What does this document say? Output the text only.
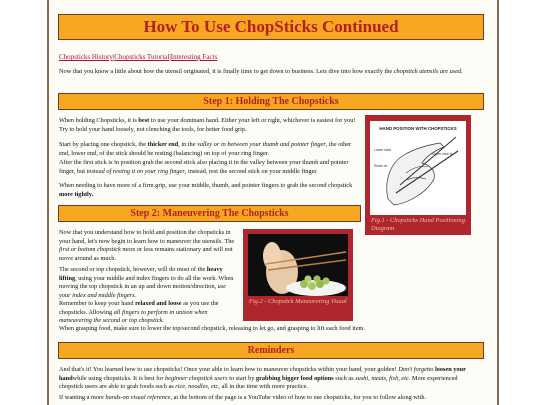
How To Use ChopSticks Continued
Chopsticks History|Chopsticks Tutorial|Interesting Facts
Now that you know a little about how the utensil originated, it is finally time to get down to business. Lets dive into how exactly the chopstick utensils are used.
Step 1: Holding The Chopsticks
When holding Chopsticks, it is best to use your dominant hand. Either your left or right, whichever is easiest for you! Try to hold your hand loosely, not clenching the tools, for better food grip.
Start by placing one chopstick, the thicker end, in the valley or in between your thumb and pointer finger, the other end, lower end, of the stick should be resting (balancing) on top of your ring finger.
After the first stick is in position grab the second stick also placing it in the valley between your thumb and pointer finger, but instead of resting it on your ring finger, instead, rest the second stick on your middle finger.
When needing to have more of a firm grip, use your middle, thumb, and pointer fingers to grab the second chopstick more tightly.
HAND POSITION WITH CHOPSTICKS
Upper stick is
Lower stick
Rests on
Fig.1 - Chopsticks Hand Positioning Diagram
Step 2: Maneuvering The Chopsticks
Now that you understand how to hold and position the chopsticks in your hand, let's now begin to learn how to maneuver the utensils. The first or bottom chopstick more or less remains stationary and will not move around as much.
The second or top chopstick, however, will do most of the heavy lifting, using your middle and index fingers to do all the work. When moving the top chopstick in an up and down motion/direction, use your index and middle fingers.
Remember to keep your hand relaxed and loose as you use the chopsticks. Allowing all fingers to perform in unison when maneuvering the second or top chopstick.
When grasping food, make sure to lower the top/second chopstick, releasing to let go, and grasping to lift each food item.
Fig.2 - Chopstick Maneuvering Visual
Reminders
And that's it! You learned how to use chopsticks! Once your able to learn how to maneuver chopsticks within your hand, your golden! Don't forgetto loosen your handwhile using chopsticks. It is best for beginner chopstick users to start by grabbing bigger food options such as sushi, meats, fish, etc. More experienced chopstick users are able to grab foods such as rice, noodles, etc, all in due time with more practice.
If wanting a more hands-on visual reference, at the bottom of the page is a YouTube video of how to use chopsticks, for you to follow along with.
